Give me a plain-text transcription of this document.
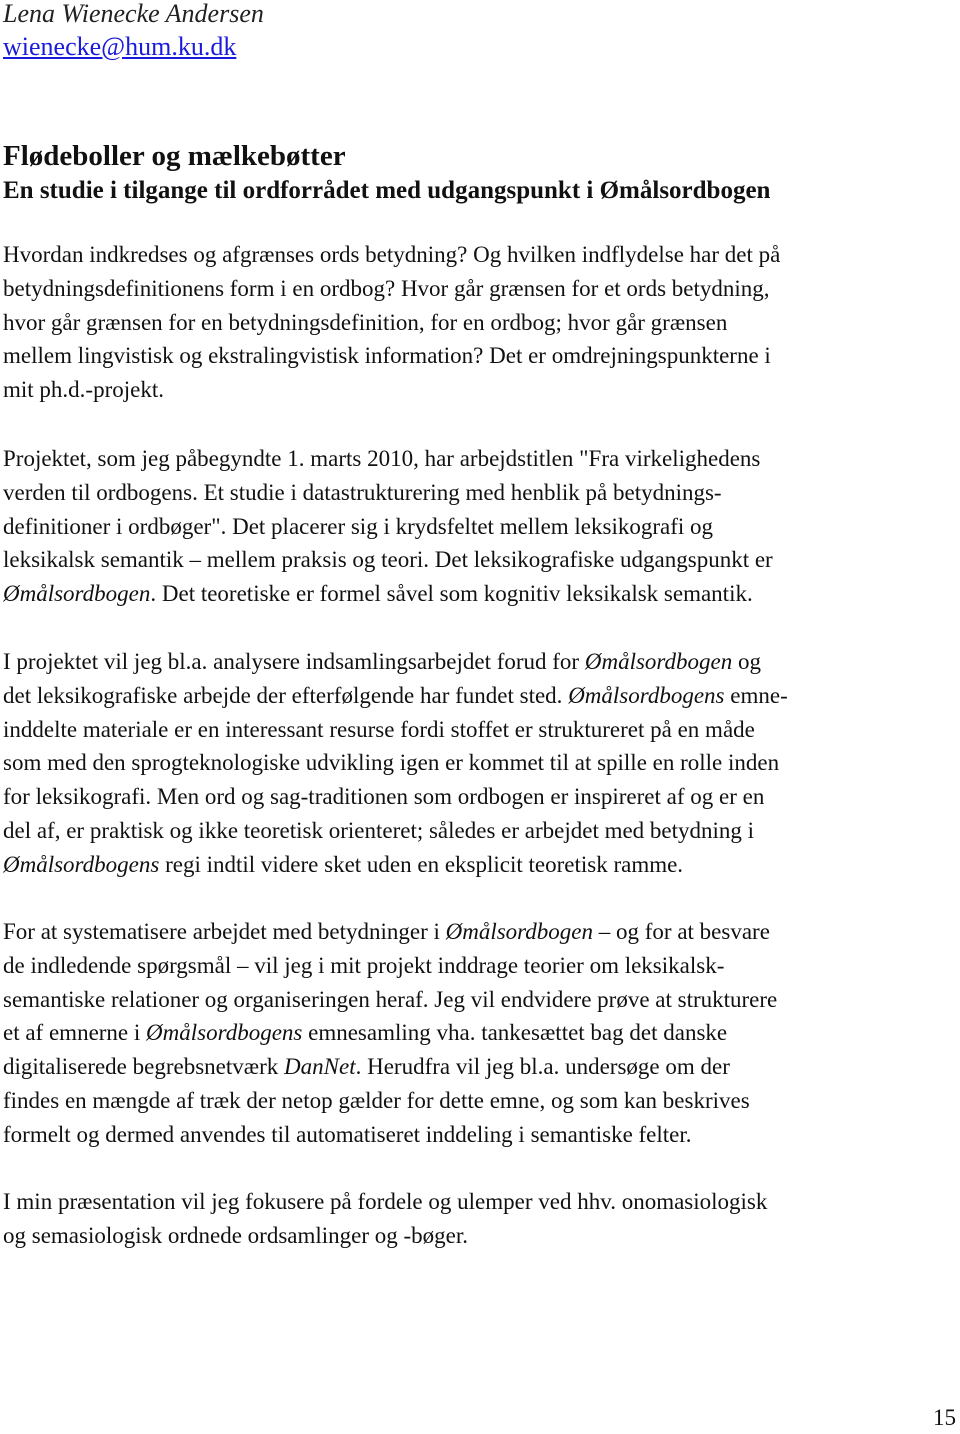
Lena Wienecke Andersen
wienecke@hum.ku.dk
Flødeboller og mælkebøtter
En studie i tilgange til ordforrådet med udgangspunkt i Ømålsordbogen

Hvordan indkredses og afgrænses ords betydning? Og hvilken indflydelse har det på
betydningsdefinitionens form i en ordbog? Hvor går grænsen for et ords betydning,
hvor går grænsen for en betydningsdefinition, for en ordbog; hvor går grænsen
mellem lingvistisk og ekstralingvistisk information? Det er omdrejningspunkterne i
mit ph.d.-projekt.

Projektet, som jeg påbegyndte 1. marts 2010, har arbejdstitlen "Fra virkelighedens
verden til ordbogens. Et studie i datastrukturering med henblik på betydnings-
definitioner i ordbøger". Det placerer sig i krydsfeltet mellem leksikografi og
leksikalsk semantik – mellem praksis og teori. Det leksikografiske udgangspunkt er
Ømålsordbogen. Det teoretiske er formel såvel som kognitiv leksikalsk semantik.

I projektet vil jeg bl.a. analysere indsamlingsarbejdet forud for Ømålsordbogen og
det leksikografiske arbejde der efterfølgende har fundet sted. Ømålsordbogens emne-
inddelte materiale er en interessant resurse fordi stoffet er struktureret på en måde
som med den sprogteknologiske udvikling igen er kommet til at spille en rolle inden
for leksikografi. Men ord og sag-traditionen som ordbogen er inspireret af og er en
del af, er praktisk og ikke teoretisk orienteret; således er arbejdet med betydning i
Ømålsordbogens regi indtil videre sket uden en eksplicit teoretisk ramme.

For at systematisere arbejdet med betydninger i Ømålsordbogen – og for at besvare
de indledende spørgsmål – vil jeg i mit projekt inddrage teorier om leksikalsk-
semantiske relationer og organiseringen heraf. Jeg vil endvidere prøve at strukturere
et af emnerne i Ømålsordbogens emnesamling vha. tankesættet bag det danske
digitaliserede begrebsnetværk DanNet. Herudfra vil jeg bl.a. undersøge om der
findes en mængde af træk der netop gælder for dette emne, og som kan beskrives
formelt og dermed anvendes til automatiseret inddeling i semantiske felter.

I min præsentation vil jeg fokusere på fordele og ulemper ved hhv. onomasiologisk
og semasiologisk ordnede ordsamlinger og -bøger.

15
